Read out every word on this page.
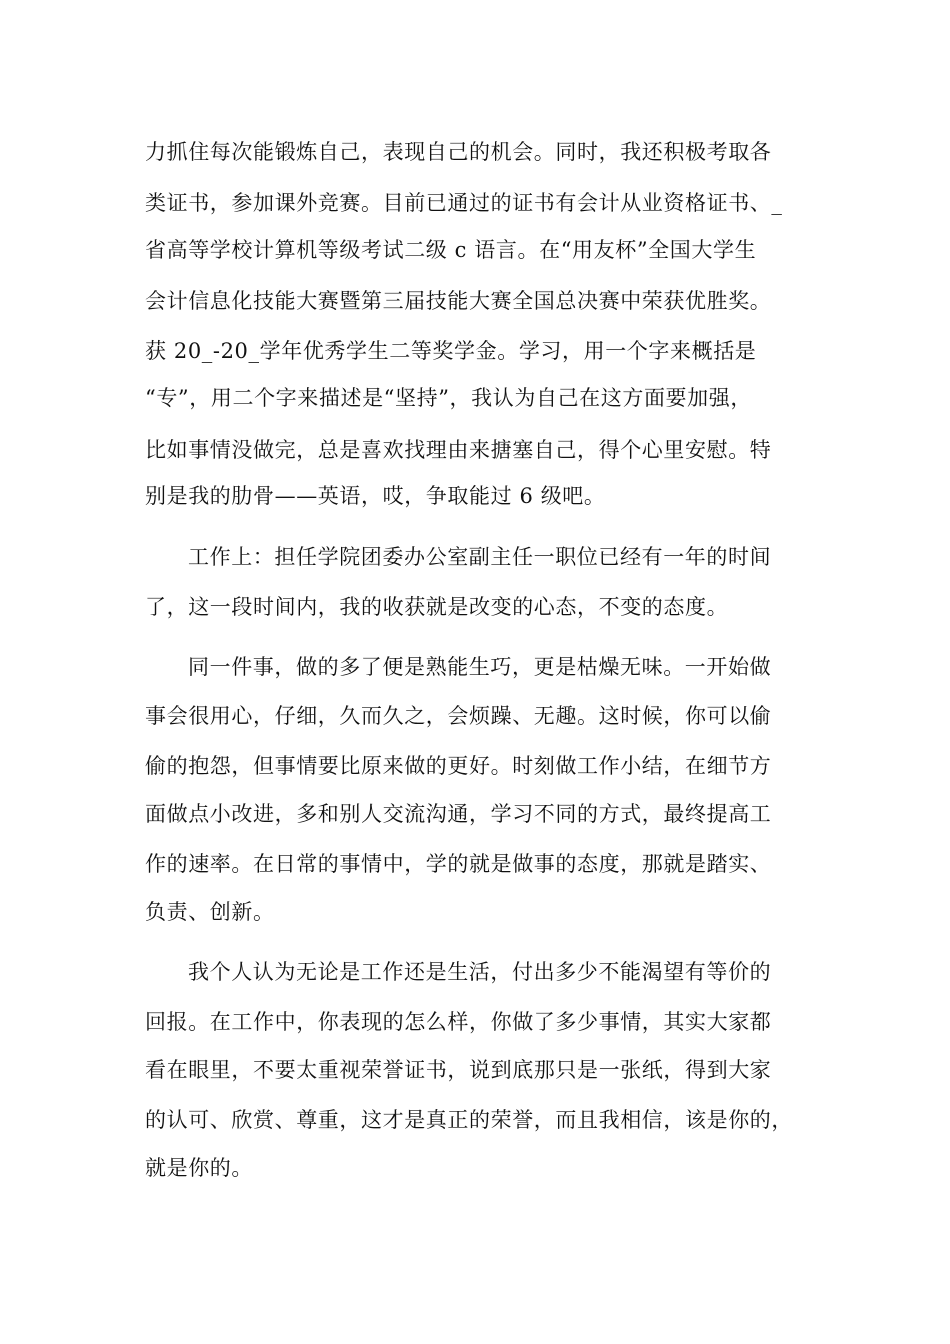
力抓住每次能锻炼自己，表现自己的机会。同时，我还积极考取各
类证书，参加课外竞赛。目前已通过的证书有会计从业资格证书、_
省高等学校计算机等级考试二级 c 语言。在“用友杯”全国大学生
会计信息化技能大赛暨第三届技能大赛全国总决赛中荣获优胜奖。
获 20_-20_学年优秀学生二等奖学金。学习，用一个字来概括是
“专”，用二个字来描述是“坚持”，我认为自己在这方面要加强，
比如事情没做完，总是喜欢找理由来搪塞自己，得个心里安慰。特
别是我的肋骨——英语，哎，争取能过 6 级吧。
工作上：担任学院团委办公室副主任一职位已经有一年的时间
了，这一段时间内，我的收获就是改变的心态，不变的态度。
同一件事，做的多了便是熟能生巧，更是枯燥无味。一开始做
事会很用心，仔细，久而久之，会烦躁、无趣。这时候，你可以偷
偷的抱怨，但事情要比原来做的更好。时刻做工作小结，在细节方
面做点小改进，多和别人交流沟通，学习不同的方式，最终提高工
作的速率。在日常的事情中，学的就是做事的态度，那就是踏实、
负责、创新。
我个人认为无论是工作还是生活，付出多少不能渴望有等价的
回报。在工作中，你表现的怎么样，你做了多少事情，其实大家都
看在眼里，不要太重视荣誉证书，说到底那只是一张纸，得到大家
的认可、欣赏、尊重，这才是真正的荣誉，而且我相信，该是你的，
就是你的。
